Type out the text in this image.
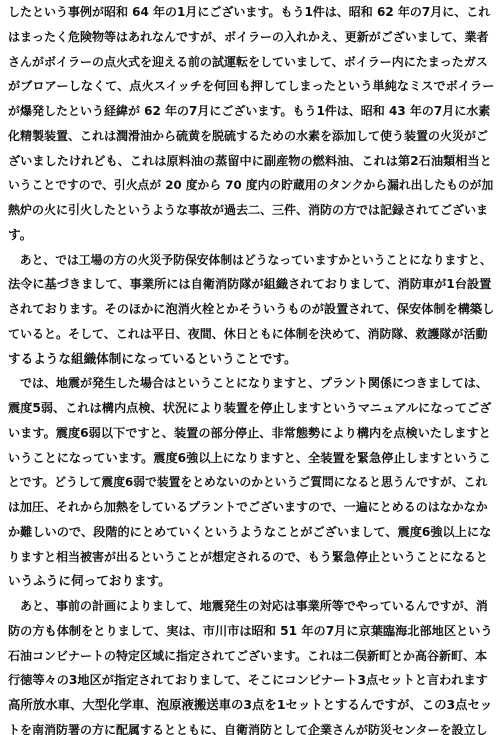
したという事例が昭和 64 年の1月にございます。もう1件は、昭和 62 年の7月に、これ
はまったく危険物等はあれなんですが、ボイラーの入れかえ、更新がございまして、業者
さんがボイラーの点火式を迎える前の試運転をしていまして、ボイラー内にたまったガス
がブロアーしなくて、点火スイッチを何回も押してしまったという単純なミスでボイラー
が爆発したという経緯が 62 年の7月にございます。もう1件は、昭和 43 年の7月に水素
化精製装置、これは潤滑油から硫黄を脱硫するための水素を添加して使う装置の火災がご
ざいましたけれども、これは原料油の蒸留中に副産物の燃料油、これは第2石油類相当と
いうことですので、引火点が 20 度から 70 度内の貯蔵用のタンクから漏れ出したものが加
熱炉の火に引火したというような事故が過去二、三件、消防の方では記録されてございま
す。
　あと、では工場の方の火災予防保安体制はどうなっていますかということになりますと、
法令に基づきまして、事業所には自衛消防隊が組織されておりまして、消防車が1台設置
されております。そのほかに泡消火栓とかそういうものが設置されて、保安体制を構築し
ていると。そして、これは平日、夜間、休日ともに体制を決めて、消防隊、救護隊が活動
するような組織体制になっているということです。
　では、地震が発生した場合はということになりますと、プラント関係につきましては、
震度5弱、これは構内点検、状況により装置を停止しますというマニュアルになってござ
います。震度6弱以下ですと、装置の部分停止、非常態勢により構内を点検いたしますと
いうことになっています。震度6強以上になりますと、全装置を緊急停止しますというこ
とです。どうして震度6弱で装置をとめないのかというご質問になると思うんですが、これ
は加圧、それから加熱をしているプラントでございますので、一遍にとめるのはなかなか
か難しいので、段階的にとめていくというようなことがございまして、震度6強以上にな
りますと相当被害が出るということが想定されるので、もう緊急停止ということになると
いうふうに伺っております。
　あと、事前の計画によりまして、地震発生の対応は事業所等でやっているんですが、消
防の方も体制をとりまして、実は、市川市は昭和 51 年の7月に京葉臨海北部地区という
石油コンビナートの特定区域に指定されてございます。これは二俣新町とか高谷新町、本
行徳等々の3地区が指定されておりまして、そこにコンビナート3点セットと言われます
高所放水車、大型化学車、泡原液搬送車の3点を1セットとするんですが、この3点セッ
トを南消防署の方に配属するとともに、自衛消防として企業さんが防災センターを設立し
